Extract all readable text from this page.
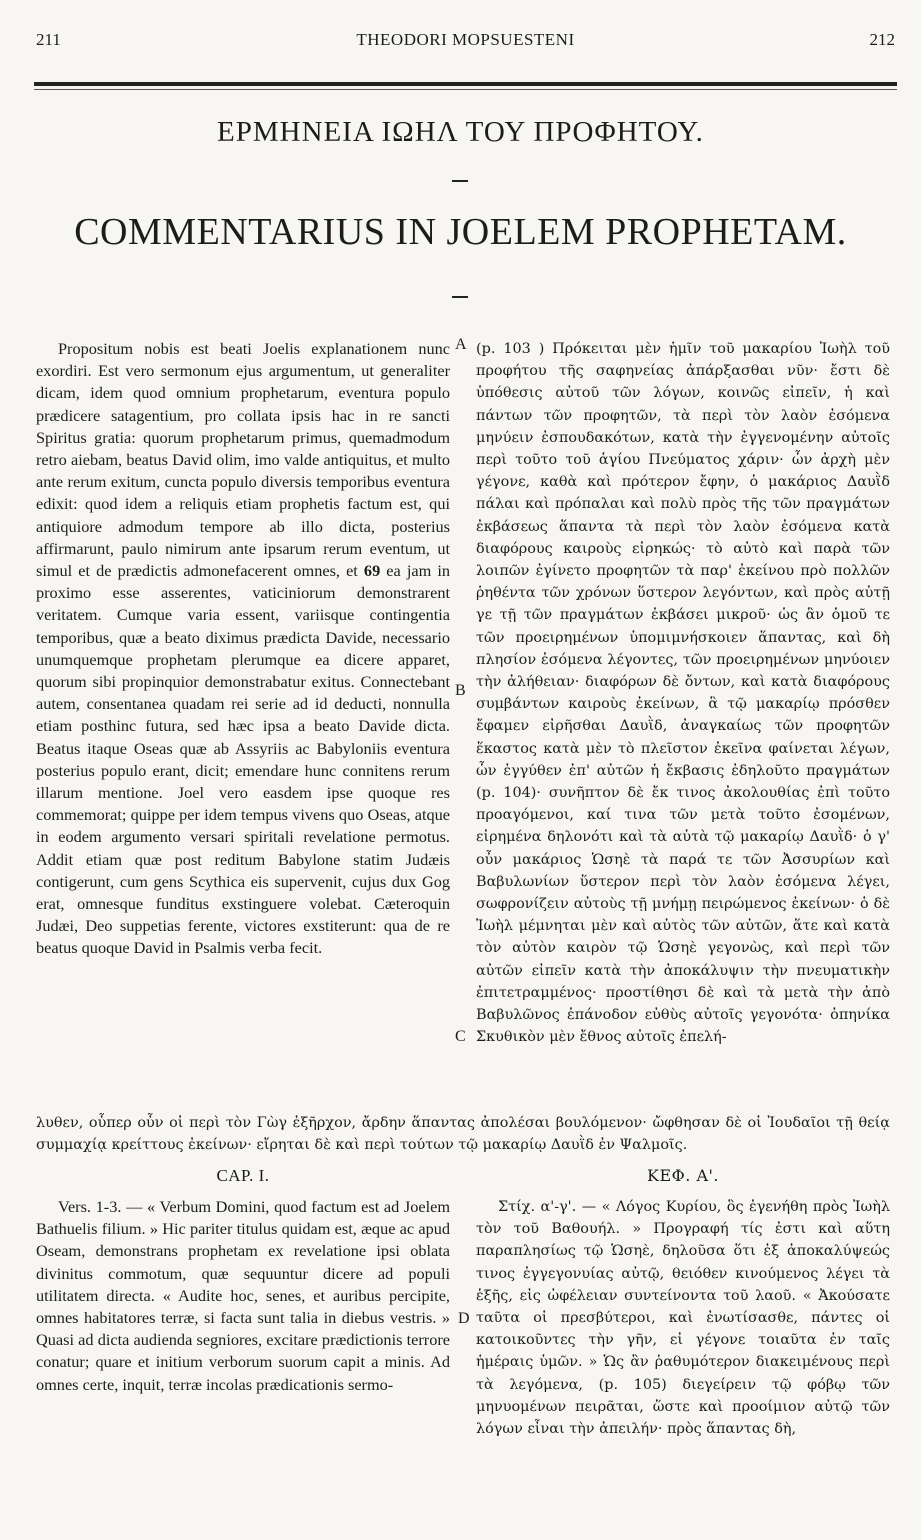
211	THEODORI MOPSUESTENI	212
ΕΡΜΗΝΕΙΑ ΙΩΗΛ ΤΟΥ ΠΡΟΦΗΤΟΥ.
COMMENTARIUS IN JOELEM PROPHETAM.

Propositum nobis est beati Joelis explanationem nunc exordiri. Est vero sermonum ejus argumentum, ut generaliter dicam, idem quod omnium prophetarum, eventura populo prædicere satagentium, pro collata ipsis hac in re sancti Spiritus gratia: quorum prophetarum primus, quemadmodum retro aiebam, beatus David olim, imo valde antiquitus, et multo ante rerum exitum, cuncta populo diversis temporibus eventura edixit: quod idem a reliquis etiam prophetis factum est, qui antiquiore admodum tempore ab illo dicta, posterius affirmarunt, paulo nimirum ante ipsarum rerum eventum, ut simul et de prædictis admonefacerent omnes, et 69 ea jam in proximo esse asserentes, vaticiniorum demonstrarent veritatem. Cumque varia essent, variisque contingentia temporibus, quæ a beato diximus prædicta Davide, necessario unumquemque prophetam plerumque ea dicere apparet, quorum sibi propinquior demonstrabatur exitus. Connectebant autem, consentanea quadam rei serie ad id deducti, nonnulla etiam posthinc futura, sed hæc ipsa a beato Davide dicta. Beatus itaque Oseas quæ ab Assyriis ac Babyloniis eventura posterius populo erant, dicit; emendare hunc connitens rerum illarum mentione. Joel vero easdem ipse quoque res commemorat; quippe per idem tempus vivens quo Oseas, atque in eodem argumento versari spiritali revelatione permotus. Addit etiam quæ post reditum Babylone statim Judæis contigerunt, cum gens Scythica eis supervenit, cujus dux Gog erat, omnesque funditus exstinguere volebat. Cæteroquin Judæi, Deo suppetias ferente, victores exstiterunt: qua de re beatus quoque David in Psalmis verba fecit.

A
B
C
D

(p. 103 ) Πρόκειται μὲν ἡμῖν τοῦ μακαρίου Ἰωὴλ τοῦ προφήτου τῆς σαφηνείας ἀπάρξασθαι νῦν· ἔστι δὲ ὑπόθεσις αὐτοῦ τῶν λόγων, κοινῶς εἰπεῖν, ἡ καὶ πάντων τῶν προφητῶν, τὰ περὶ τὸν λαὸν ἐσόμενα μηνύειν ἐσπουδακότων, κατὰ τὴν ἐγγενομένην αὐτοῖς περὶ τοῦτο τοῦ ἁγίου Πνεύματος χάριν· ὧν ἀρχὴ μὲν γέγονε, καθὰ καὶ πρότερον ἔφην, ὁ μακάριος Δαυῒδ πάλαι καὶ πρόπαλαι καὶ πολὺ πρὸς τῆς τῶν πραγμάτων ἐκβάσεως ἅπαντα τὰ περὶ τὸν λαὸν ἐσόμενα κατὰ διαφόρους καιροὺς εἰρηκώς· τὸ αὐτὸ καὶ παρὰ τῶν λοιπῶν ἐγίνετο προφητῶν τὰ παρ' ἐκείνου πρὸ πολλῶν ῥηθέντα τῶν χρόνων ὕστερον λεγόντων, καὶ πρὸς αὐτῇ γε τῇ τῶν πραγμάτων ἐκβάσει μικροῦ· ὡς ἂν ὁμοῦ τε τῶν προειρημένων ὑπομιμνήσκοιεν ἅπαντας, καὶ δὴ πλησίον ἐσόμενα λέγοντες, τῶν προειρημένων μηνύοιεν τὴν ἀλήθειαν· διαφόρων δὲ ὄντων, καὶ κατὰ διαφόρους συμβάντων καιροὺς ἐκείνων, ἃ τῷ μακαρίῳ πρόσθεν ἔφαμεν εἰρῆσθαι Δαυῒδ, ἀναγκαίως τῶν προφητῶν ἕκαστος κατὰ μὲν τὸ πλεῖστον ἐκεῖνα φαίνεται λέγων, ὧν ἐγγύθεν ἐπ' αὐτῶν ἡ ἔκβασις ἐδηλοῦτο πραγμάτων (p. 104)· συνῆπτον δὲ ἔκ τινος ἀκολουθίας ἐπὶ τοῦτο προαγόμενοι, καί τινα τῶν μετὰ τοῦτο ἐσομένων, εἰρημένα δηλονότι καὶ τὰ αὐτὰ τῷ μακαρίῳ Δαυῒδ· ὁ γ' οὖν μακάριος Ὡσηὲ τὰ παρά τε τῶν Ἀσσυρίων καὶ Βαβυλωνίων ὕστερον περὶ τὸν λαὸν ἐσόμενα λέγει, σωφρονίζειν αὐτοὺς τῇ μνήμῃ πειρώμενος ἐκείνων· ὁ δὲ Ἰωὴλ μέμνηται μὲν καὶ αὐτὸς τῶν αὐτῶν, ἅτε καὶ κατὰ τὸν αὐτὸν καιρὸν τῷ Ὡσηὲ γεγονὼς, καὶ περὶ τῶν αὐτῶν εἰπεῖν κατὰ τὴν ἀποκάλυψιν τὴν πνευματικὴν ἐπιτετραμμένος· προστίθησι δὲ καὶ τὰ μετὰ τὴν ἀπὸ Βαβυλῶνος ἐπάνοδον εὐθὺς αὐτοῖς γεγονότα· ὁπηνίκα Σκυθικὸν μὲν ἔθνος αὐτοῖς ἐπελή-

λυθεν, οὗπερ οὖν οἱ περὶ τὸν Γὼγ ἐξῆρχον, ἄρδην ἅπαντας ἀπολέσαι βουλόμενον· ὤφθησαν δὲ οἱ Ἰουδαῖοι τῇ θείᾳ συμμαχίᾳ κρείττους ἐκείνων· εἴρηται δὲ καὶ περὶ τούτων τῷ μακαρίῳ Δαυῒδ ἐν Ψαλμοῖς.
CAP. I.	ΚΕΦ. Α'.

Vers. 1-3. — « Verbum Domini, quod factum est ad Joelem Bathuelis filium. » Hic pariter titulus quidam est, æque ac apud Oseam, demonstrans prophetam ex revelatione ipsi oblata divinitus commotum, quæ sequuntur dicere ad populi utilitatem directa. « Audite hoc, senes, et auribus percipite, omnes habitatores terræ, si facta sunt talia in diebus vestris. » Quasi ad dicta audienda segniores, excitare prædictionis terrore conatur; quare et initium verborum suorum capit a minis. Ad omnes certe, inquit, terræ incolas prædicationis sermo-

Στίχ. α'-γ'. — « Λόγος Κυρίου, ὃς ἐγενήθη πρὸς Ἰωὴλ τὸν τοῦ Βαθουήλ. » Προγραφή τίς ἐστι καὶ αὕτη παραπλησίως τῷ Ὡσηὲ, δηλοῦσα ὅτι ἐξ ἀποκαλύψεώς τινος ἐγγεγονυίας αὐτῷ, θειόθεν κινούμενος λέγει τὰ ἑξῆς, εἰς ὠφέλειαν συντείνοντα τοῦ λαοῦ. « Ἀκούσατε ταῦτα οἱ πρεσβύτεροι, καὶ ἐνωτίσασθε, πάντες οἱ κατοικοῦντες τὴν γῆν, εἰ γέγονε τοιαῦτα ἐν ταῖς ἡμέραις ὑμῶν. » Ὡς ἂν ῥαθυμότερον διακειμένους περὶ τὰ λεγόμενα, (p. 105) διεγείρειν τῷ φόβῳ τῶν μηνυομένων πειρᾶται, ὥστε καὶ προοίμιον αὐτῷ τῶν λόγων εἶναι τὴν ἀπειλήν· πρὸς ἅπαντας δὴ,
